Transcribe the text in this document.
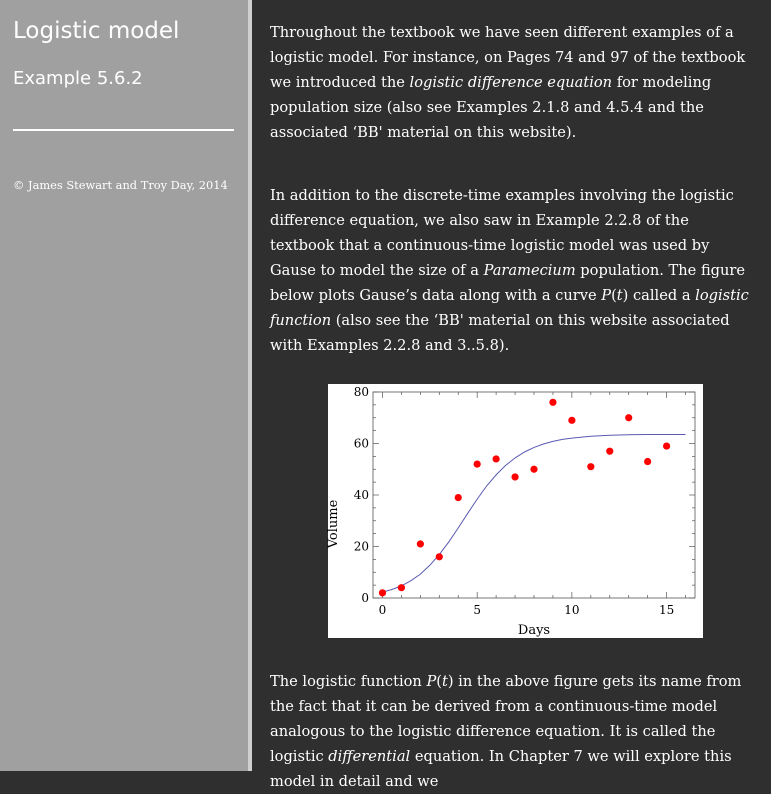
Logistic model
Example 5.6.2

© James Stewart and Troy Day, 2014

Throughout the textbook we have seen different examples of a logistic model. For instance, on Pages 74 and 97 of the textbook we introduced the logistic difference equation for modeling population size (also see Examples 2.1.8 and 4.5.4 and the associated ‘BB' material on this website).

In addition to the discrete-time examples involving the logistic difference equation, we also saw in Example 2.2.8 of the textbook that a continuous-time logistic model was used by Gause to model the size of a Paramecium population. The figure below plots Gause’s data along with a curve P(t) called a logistic function (also see the ‘BB' material on this website associated with Examples 2.2.8 and 3..5.8).

0
20
40
60
80
0	5	10	15
Days
Volume

The logistic function P(t) in the above figure gets its name from the fact that it can be derived from a continuous-time model analogous to the logistic difference equation. It is called the logistic differential equation. In Chapter 7 we will explore this model in detail and we
